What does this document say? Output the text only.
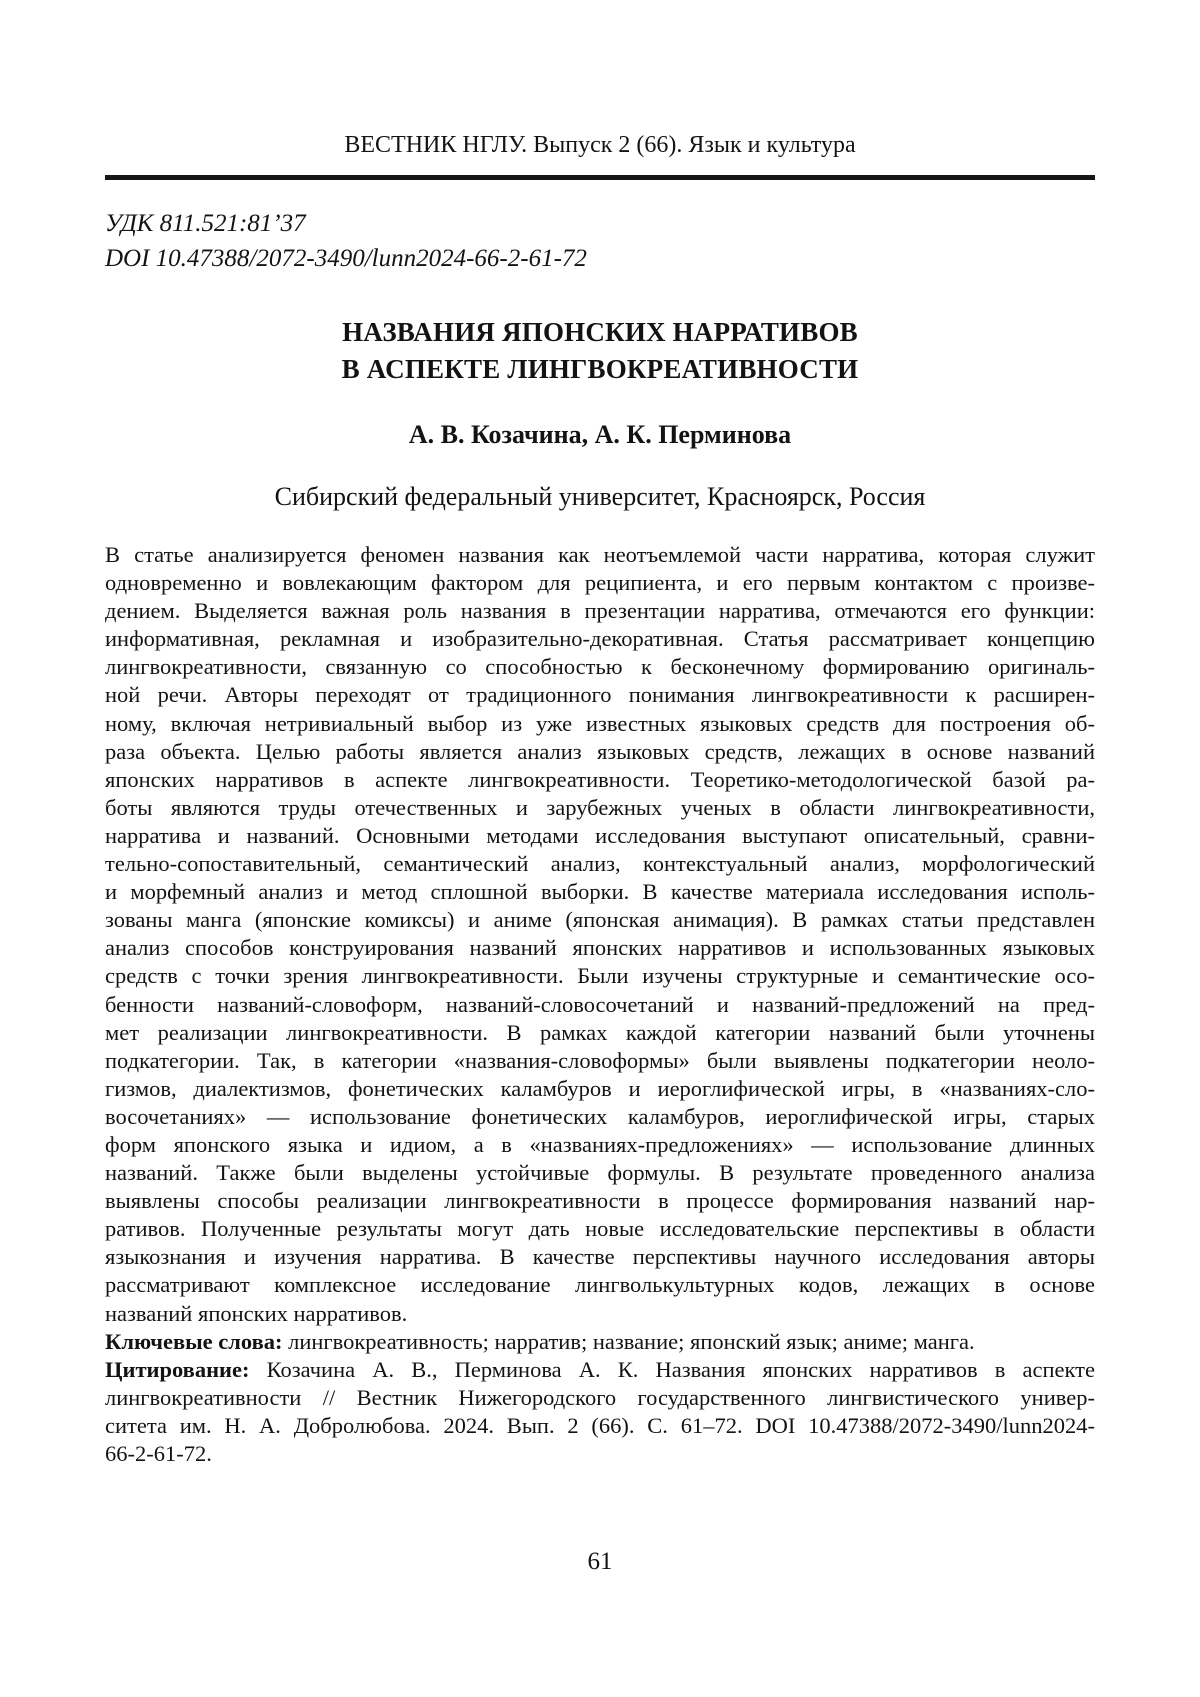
ВЕСТНИК НГЛУ. Выпуск 2 (66). Язык и культура
УДК 811.521:81’37
DOI 10.47388/2072-3490/lunn2024-66-2-61-72
НАЗВАНИЯ ЯПОНСКИХ НАРРАТИВОВ
В АСПЕКТЕ ЛИНГВОКРЕАТИВНОСТИ
А. В. Козачина, А. К. Перминова
Сибирский федеральный университет, Красноярск, Россия
В статье анализируется феномен названия как неотъемлемой части нарратива, которая служит
одновременно и вовлекающим фактором для реципиента, и его первым контактом с произве-
дением. Выделяется важная роль названия в презентации нарратива, отмечаются его функции:
информативная, рекламная и изобразительно-декоративная. Статья рассматривает концепцию
лингвокреативности, связанную со способностью к бесконечному формированию оригиналь-
ной речи. Авторы переходят от традиционного понимания лингвокреативности к расширен-
ному, включая нетривиальный выбор из уже известных языковых средств для построения об-
раза объекта. Целью работы является анализ языковых средств, лежащих в основе названий
японских нарративов в аспекте лингвокреативности. Теоретико-методологической базой ра-
боты являются труды отечественных и зарубежных ученых в области лингвокреативности,
нарратива и названий. Основными методами исследования выступают описательный, сравни-
тельно-сопоставительный, семантический анализ, контекстуальный анализ, морфологический
и морфемный анализ и метод сплошной выборки. В качестве материала исследования исполь-
зованы манга (японские комиксы) и аниме (японская анимация). В рамках статьи представлен
анализ способов конструирования названий японских нарративов и использованных языковых
средств с точки зрения лингвокреативности. Были изучены структурные и семантические осо-
бенности названий-словоформ, названий-словосочетаний и названий-предложений на пред-
мет реализации лингвокреативности. В рамках каждой категории названий были уточнены
подкатегории. Так, в категории «названия-словоформы» были выявлены подкатегории неоло-
гизмов, диалектизмов, фонетических каламбуров и иероглифической игры, в «названиях-сло-
восочетаниях» — использование фонетических каламбуров, иероглифической игры, старых
форм японского языка и идиом, а в «названиях-предложениях» — использование длинных
названий. Также были выделены устойчивые формулы. В результате проведенного анализа
выявлены способы реализации лингвокреативности в процессе формирования названий нар-
ративов. Полученные результаты могут дать новые исследовательские перспективы в области
языкознания и изучения нарратива. В качестве перспективы научного исследования авторы
рассматривают комплексное исследование лингволькультурных кодов, лежащих в основе
названий японских нарративов.
Ключевые слова: лингвокреативность; нарратив; название; японский язык; аниме; манга.
Цитирование: Козачина А. В., Перминова А. К. Названия японских нарративов в аспекте
лингвокреативности // Вестник Нижегородского государственного лингвистического универ-
ситета им. Н. А. Добролюбова. 2024. Вып. 2 (66). С. 61–72. DOI 10.47388/2072-3490/lunn2024-
66-2-61-72.
61
